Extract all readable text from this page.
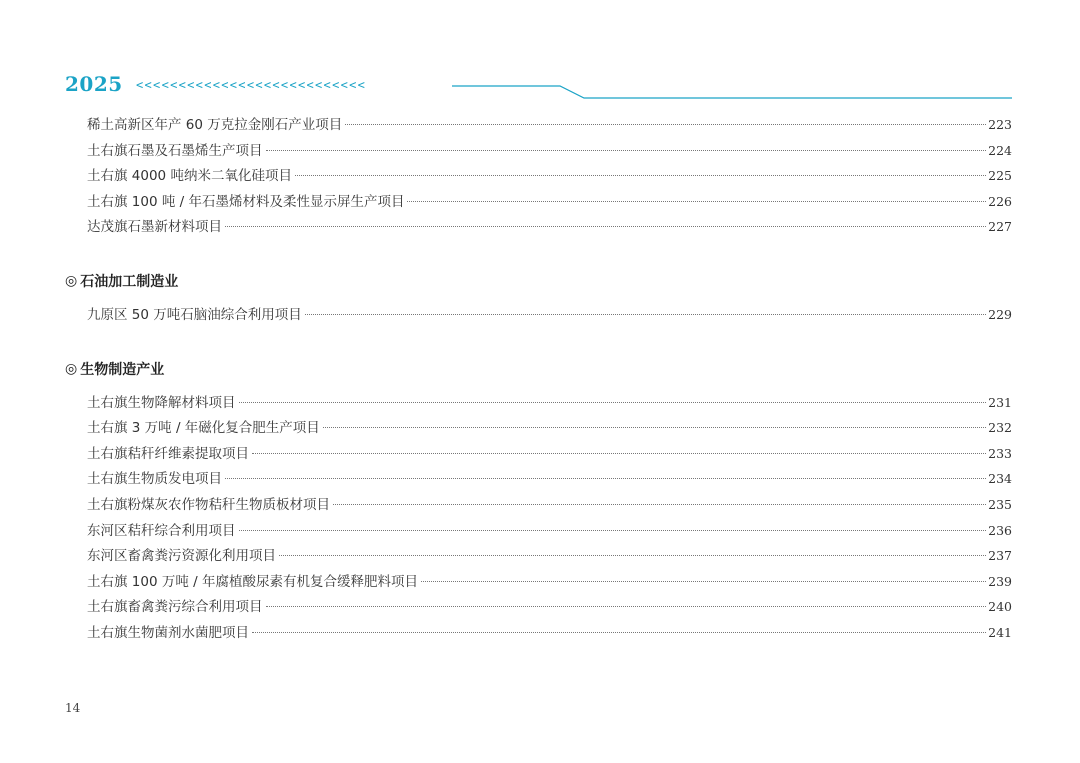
2025 <<<<<<<<<<<<<<<<<<<<<<<<<<<
稀土高新区年产 60 万克拉金刚石产业项目	223
土右旗石墨及石墨烯生产项目	224
土右旗 4000 吨纳米二氧化硅项目	225
土右旗 100 吨 / 年石墨烯材料及柔性显示屏生产项目	226
达茂旗石墨新材料项目	227
◎ 石油加工制造业
九原区 50 万吨石脑油综合利用项目	229
◎ 生物制造产业
土右旗生物降解材料项目	231
土右旗 3 万吨 / 年磁化复合肥生产项目	232
土右旗秸秆纤维素提取项目	233
土右旗生物质发电项目	234
土右旗粉煤灰农作物秸秆生物质板材项目	235
东河区秸秆综合利用项目	236
东河区畜禽粪污资源化利用项目	237
土右旗 100 万吨 / 年腐植酸尿素有机复合缓释肥料项目	239
土右旗畜禽粪污综合利用项目	240
土右旗生物菌剂水菌肥项目	241
14
